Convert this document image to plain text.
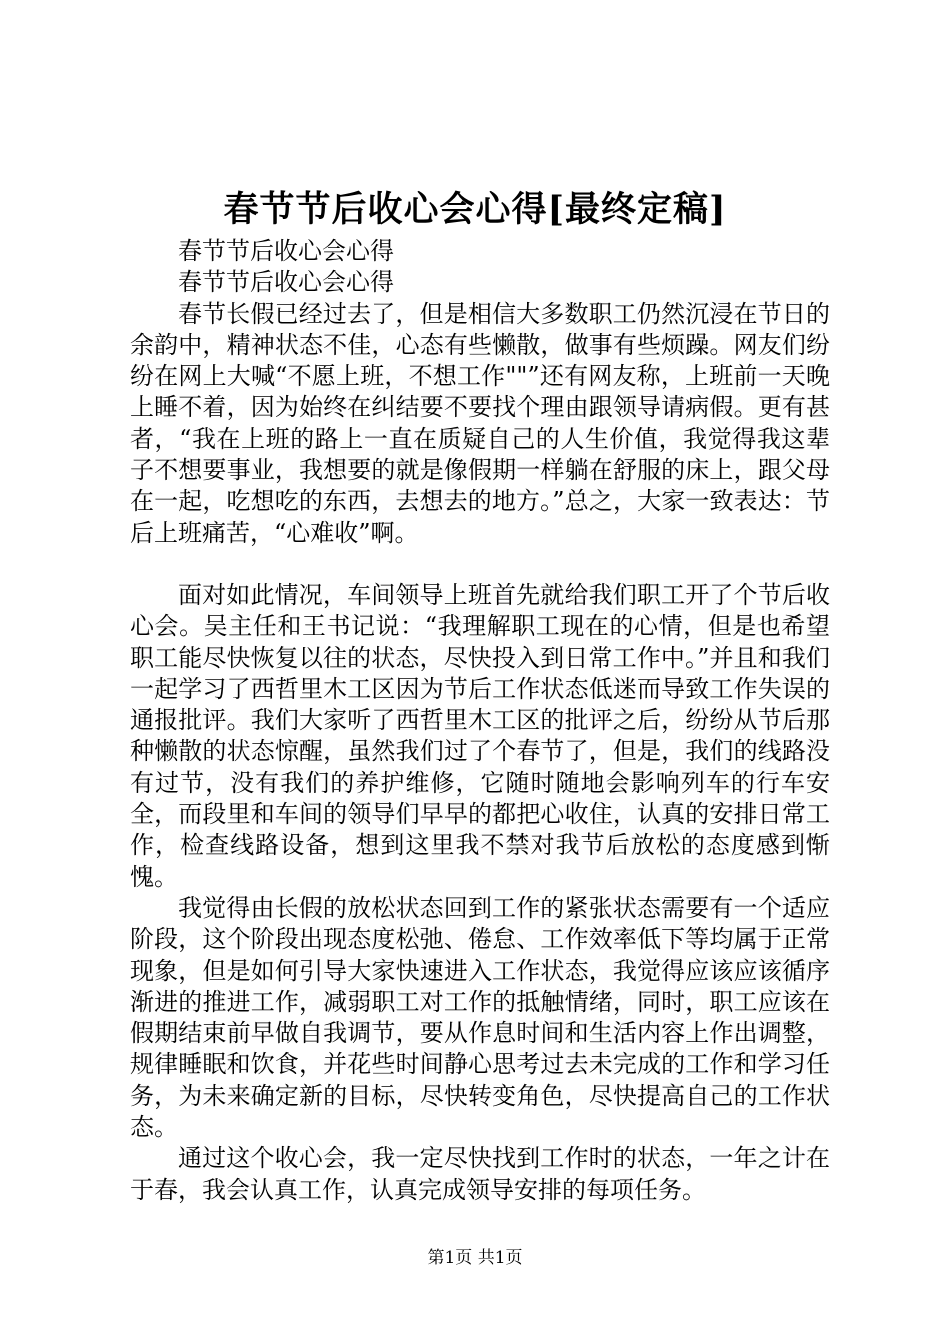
春节节后收心会心得[最终定稿]

春节节后收心会心得

春节节后收心会心得

春节长假已经过去了，但是相信大多数职工仍然沉浸在节日的余韵中，精神状态不佳，心态有些懒散，做事有些烦躁。网友们纷纷在网上大喊“不愿上班，不想工作""”还有网友称，上班前一天晚上睡不着，因为始终在纠结要不要找个理由跟领导请病假。更有甚者，“我在上班的路上一直在质疑自己的人生价值，我觉得我这辈子不想要事业，我想要的就是像假期一样躺在舒服的床上，跟父母在一起，吃想吃的东西，去想去的地方。”总之，大家一致表达：节后上班痛苦，“心难收”啊。

面对如此情况，车间领导上班首先就给我们职工开了个节后收心会。吴主任和王书记说：“我理解职工现在的心情，但是也希望职工能尽快恢复以往的状态，尽快投入到日常工作中。”并且和我们一起学习了西哲里木工区因为节后工作状态低迷而导致工作失误的通报批评。我们大家听了西哲里木工区的批评之后，纷纷从节后那种懒散的状态惊醒，虽然我们过了个春节了，但是，我们的线路没有过节，没有我们的养护维修，它随时随地会影响列车的行车安全，而段里和车间的领导们早早的都把心收住，认真的安排日常工作，检查线路设备，想到这里我不禁对我节后放松的态度感到惭愧。

我觉得由长假的放松状态回到工作的紧张状态需要有一个适应阶段，这个阶段出现态度松弛、倦怠、工作效率低下等均属于正常现象，但是如何引导大家快速进入工作状态，我觉得应该应该循序渐进的推进工作，减弱职工对工作的抵触情绪，同时，职工应该在假期结束前早做自我调节，要从作息时间和生活内容上作出调整，规律睡眠和饮食，并花些时间静心思考过去未完成的工作和学习任务，为未来确定新的目标，尽快转变角色，尽快提高自己的工作状态。

通过这个收心会，我一定尽快找到工作时的状态，一年之计在于春，我会认真工作，认真完成领导安排的每项任务。

第1页 共1页
